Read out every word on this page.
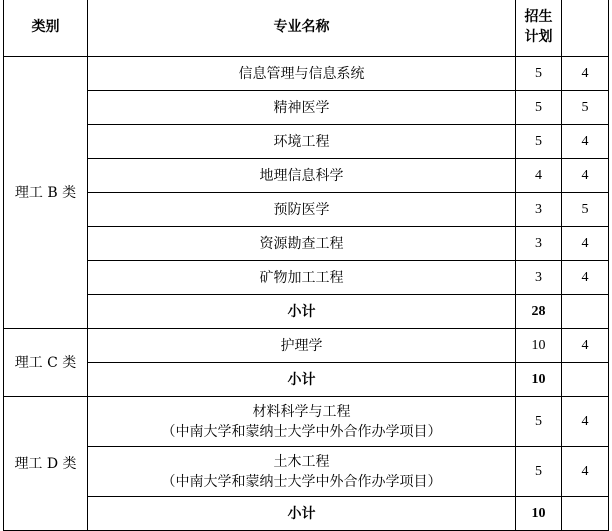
类别	专业名称	招生
计划	
理工 B 类	信息管理与信息系统	5	4
	精神医学	5	5
	环境工程	5	4
	地理信息科学	4	4
	预防医学	3	5
	资源勘查工程	3	4
	矿物加工工程	3	4
	小计	28	
理工 C 类	护理学	10	4
	小计	10	
理工 D 类	材料科学与工程
（中南大学和蒙纳士大学中外合作办学项目）	5	4
	土木工程
（中南大学和蒙纳士大学中外合作办学项目）	5	4
	小计	10	
